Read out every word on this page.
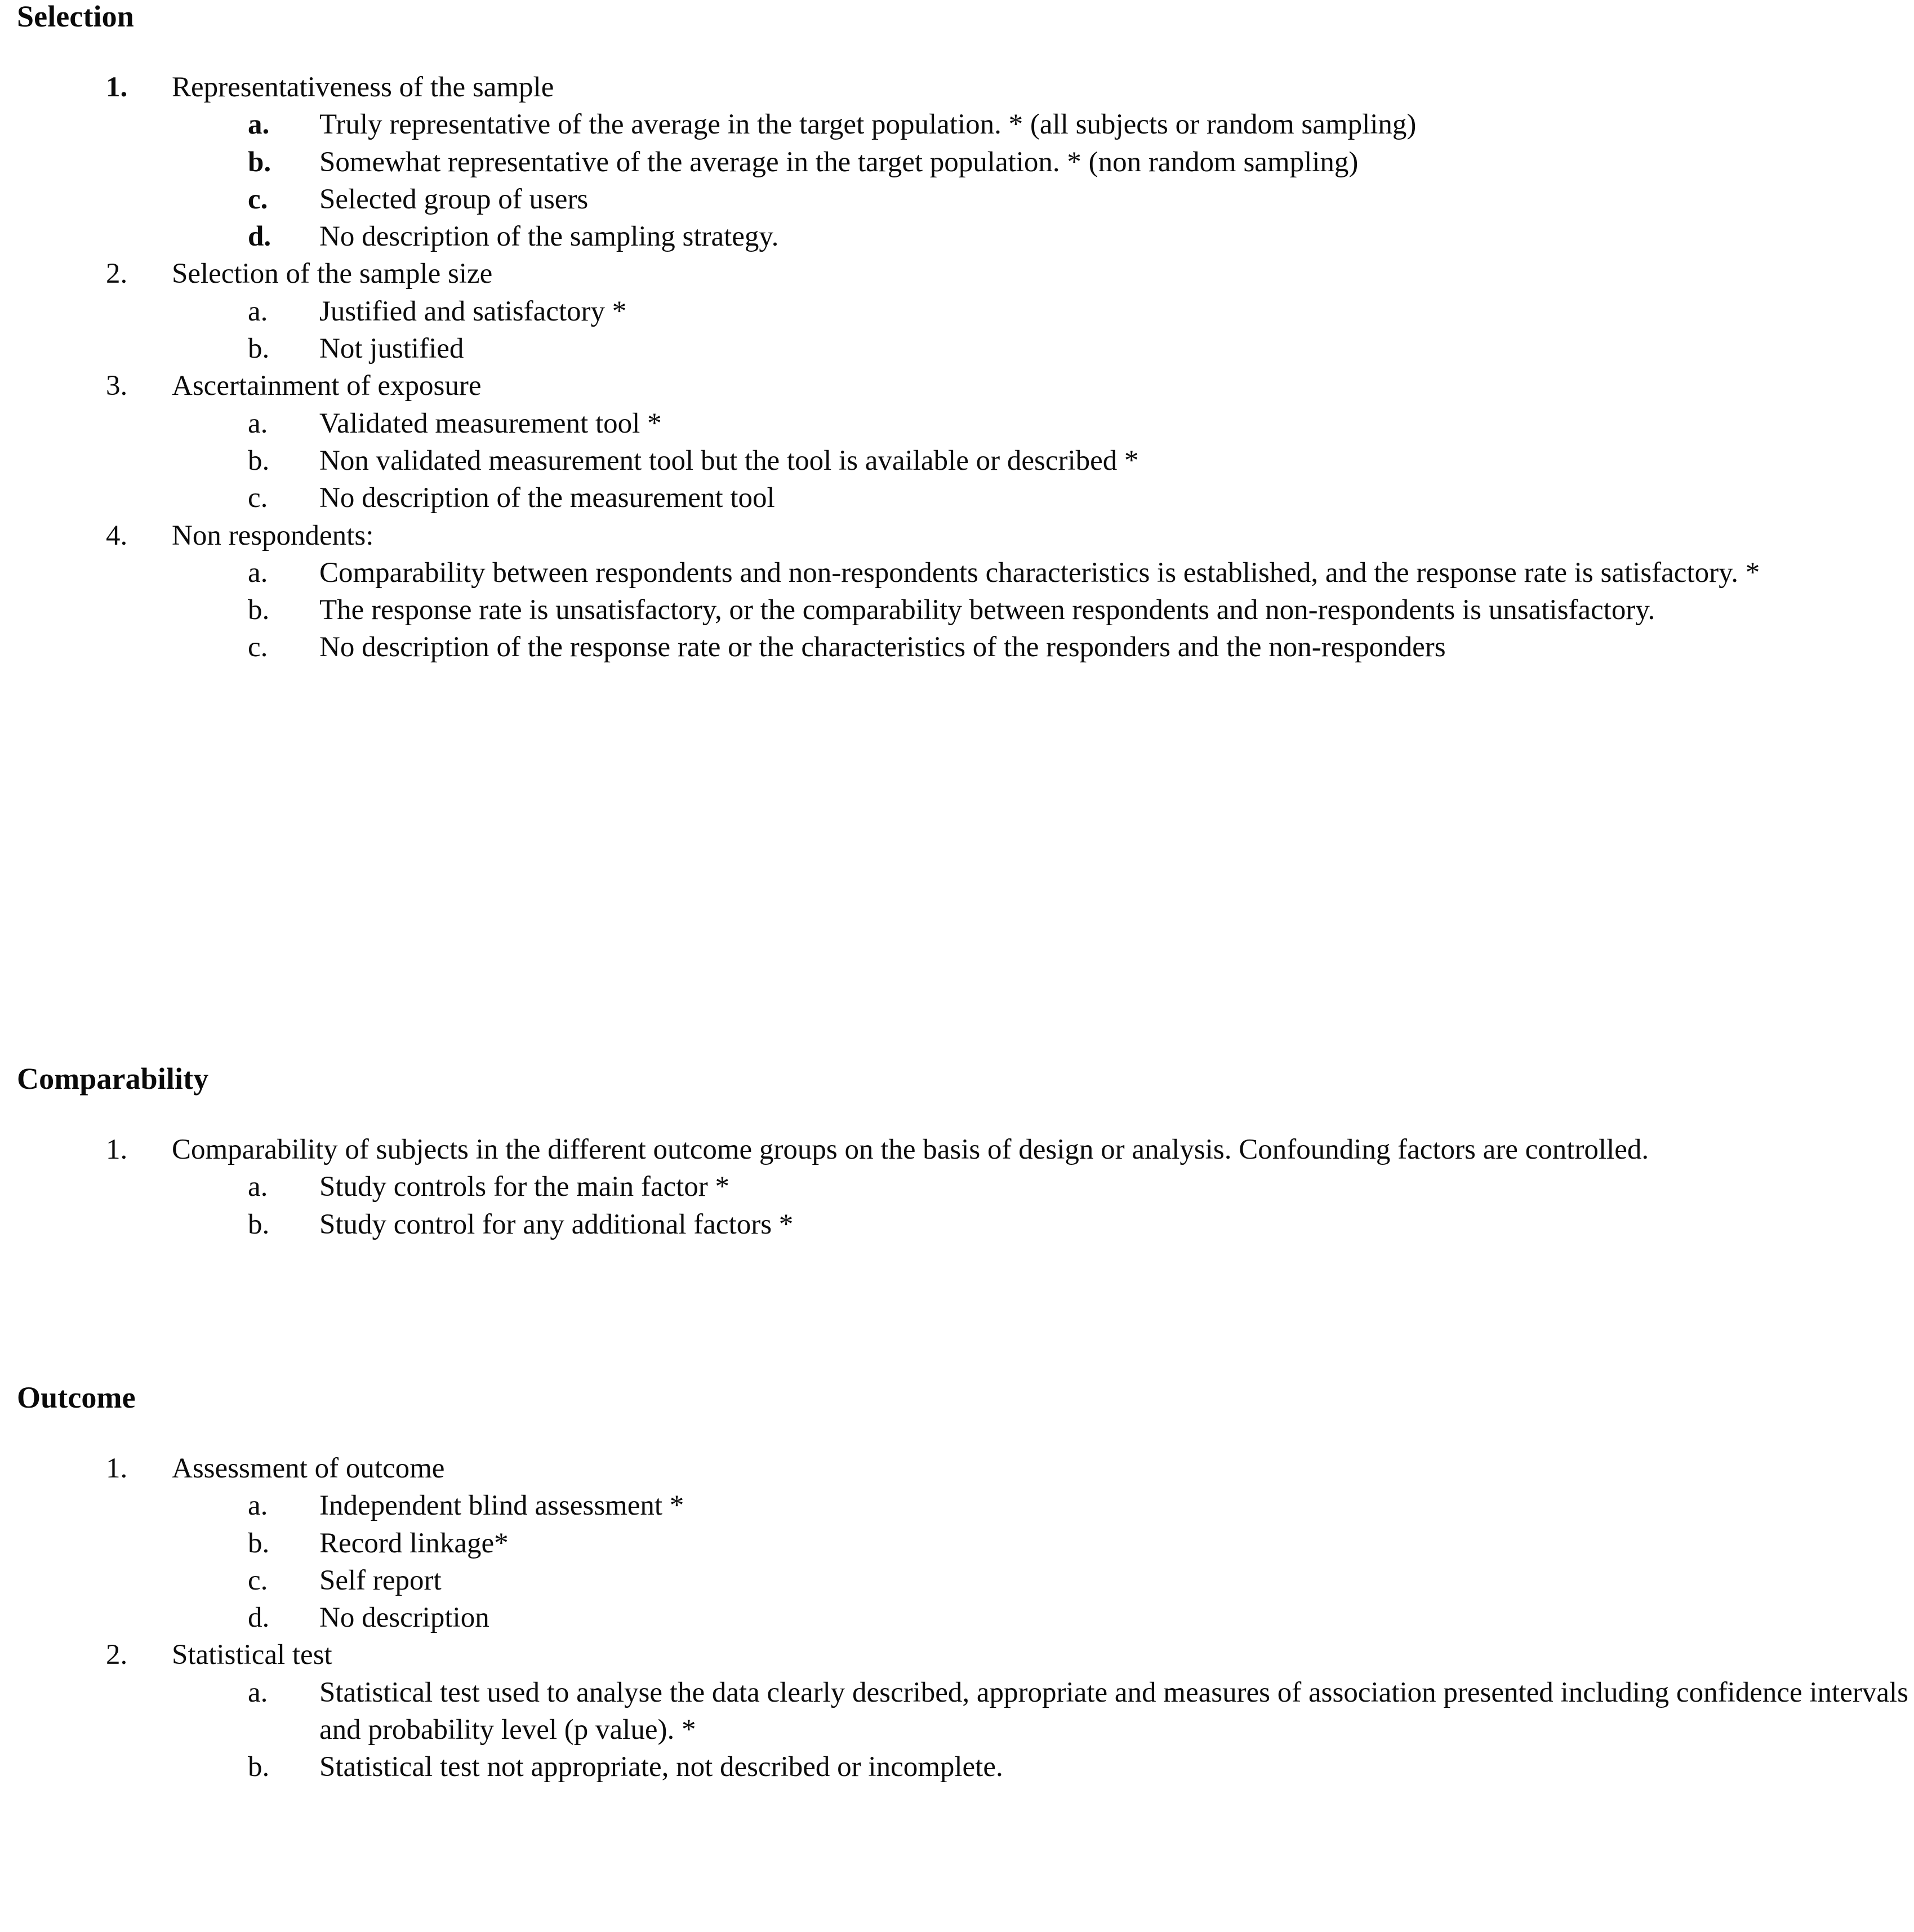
Selection
1.	Representativeness of the sample
a.	Truly representative of the average in the target population. * (all subjects or random sampling)
b.	Somewhat representative of the average in the target population. * (non random sampling)
c.	Selected group of users
d.	No description of the sampling strategy.
2.	Selection of the sample size
a.	Justified and satisfactory *
b.	Not justified
3.	Ascertainment of exposure
a.	Validated measurement tool *
b.	Non validated measurement tool but the tool is available or described *
c.	No description of the measurement tool
4.	Non respondents:
a.	Comparability between respondents and non-respondents characteristics is established, and the response rate is satisfactory. *
b.	The response rate is unsatisfactory, or the comparability between respondents and non-respondents is unsatisfactory.
c.	No description of the response rate or the characteristics of the responders and the non-responders
Comparability
1.	Comparability of subjects in the different outcome groups on the basis of design or analysis. Confounding factors are controlled.
a.	Study controls for the main factor *
b.	Study control for any additional factors *
Outcome
1.	Assessment of outcome
a.	Independent blind assessment *
b.	Record linkage*
c.	Self report
d.	No description
2.	Statistical test
a.	Statistical test used to analyse the data clearly described, appropriate and measures of association presented including confidence intervals and probability level (p value). *
b.	Statistical test not appropriate, not described or incomplete.
